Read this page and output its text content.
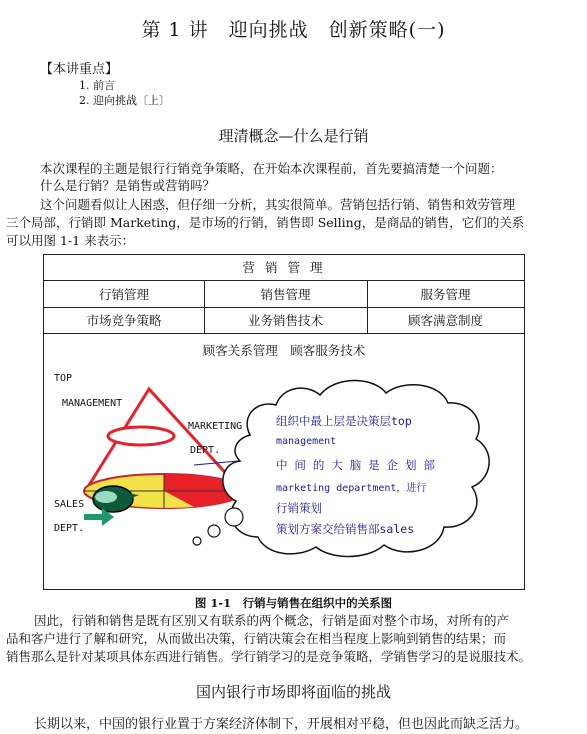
第 1 讲　迎向挑战　创新策略(一)
【本讲重点】
1. 前言
2. 迎向挑战〔上〕
理清概念—什么是行销
本次课程的主题是银行行销竞争策略，在开始本次课程前，首先要搞清楚一个问题：
什么是行销？是销售或营销吗？
这个问题看似让人困惑，但仔细一分析，其实很简单。营销包括行销、销售和效劳管理
三个局部，行销即 Marketing，是市场的行销，销售即 Selling，是商品的销售，它们的关系
可以用图 1-1 来表示：
营 销 管 理
行销管理	销售管理	服务管理
市场竞争策略	业务销售技术	顾客满意制度
顾客关系管理　顾客服务技术
TOP
MANAGEMENT
MARKETING
DEPT.
SALES
DEPT.
组织中最上层是决策层top
management
中 间 的 大 脑 是 企 划 部
marketing department，进行
行销策划
策划方案交给销售部sales
图 1-1　行销与销售在组织中的关系图
因此，行销和销售是既有区别又有联系的两个概念，行销是面对整个市场，对所有的产
品和客户进行了解和研究，从而做出决策，行销决策会在相当程度上影响到销售的结果；而
销售那么是针对某项具体东西进行销售。学行销学习的是竞争策略，学销售学习的是说服技术。
国内银行市场即将面临的挑战
长期以来，中国的银行业置于方案经济体制下，开展相对平稳，但也因此而缺乏活力。
